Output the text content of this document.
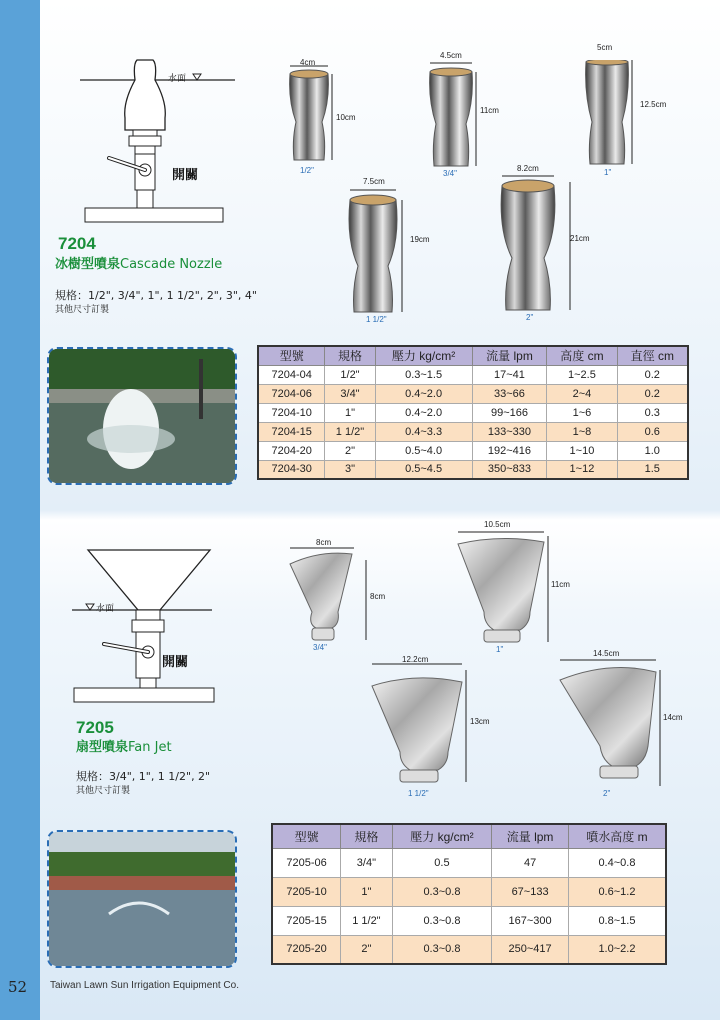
水面
開關
7204
冰樹型噴泉Cascade Nozzle
規格：1/2", 3/4", 1", 1 1/2", 2", 3", 4"
其他尺寸訂製
4cm
10cm
1/2"
4.5cm
11cm
3/4"
5cm
12.5cm
1"
7.5cm
19cm
1 1/2"
8.2cm
21cm
2"
型號	規格	壓力 kg/cm²	流量 lpm	高度 cm	直徑 cm
7204-04	1/2"	0.3~1.5	17~41	1~2.5	0.2
7204-06	3/4"	0.4~2.0	33~66	2~4	0.2
7204-10	1"	0.4~2.0	99~166	1~6	0.3
7204-15	1 1/2"	0.4~3.3	133~330	1~8	0.6
7204-20	2"	0.5~4.0	192~416	1~10	1.0
7204-30	3"	0.5~4.5	350~833	1~12	1.5
水面
開關
7205
扇型噴泉Fan Jet
規格：3/4", 1", 1 1/2", 2"
其他尺寸訂製
8cm
8cm
3/4"
10.5cm
11cm
1"
12.2cm
13cm
1 1/2"
14.5cm
14cm
2"
型號	規格	壓力 kg/cm²	流量 lpm	噴水高度 m
7205-06	3/4"	0.5	47	0.4~0.8
7205-10	1"	0.3~0.8	67~133	0.6~1.2
7205-15	1 1/2"	0.3~0.8	167~300	0.8~1.5
7205-20	2"	0.3~0.8	250~417	1.0~2.2
52	Taiwan Lawn Sun Irrigation Equipment Co.
